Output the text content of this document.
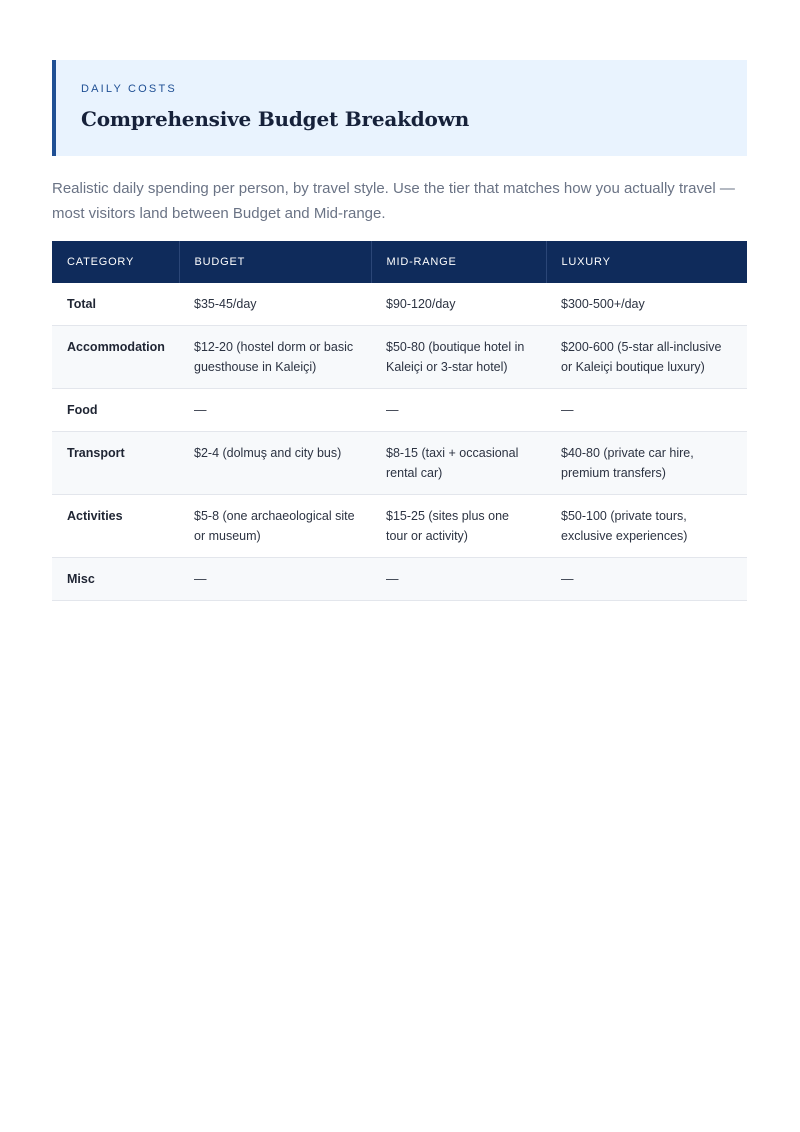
DAILY COSTS
Comprehensive Budget Breakdown

Realistic daily spending per person, by travel style. Use the tier that matches how you actually travel — most visitors land between Budget and Mid-range.

CATEGORY	BUDGET	MID-RANGE	LUXURY
Total	$35-45/day	$90-120/day	$300-500+/day
Accommodation	$12-20 (hostel dorm or basic guesthouse in Kaleiçi)	$50-80 (boutique hotel in Kaleiçi or 3-star hotel)	$200-600 (5-star all-inclusive or Kaleiçi boutique luxury)
Food	—	—	—
Transport	$2-4 (dolmuş and city bus)	$8-15 (taxi + occasional rental car)	$40-80 (private car hire, premium transfers)
Activities	$5-8 (one archaeological site or museum)	$15-25 (sites plus one tour or activity)	$50-100 (private tours, exclusive experiences)
Misc	—	—	—
